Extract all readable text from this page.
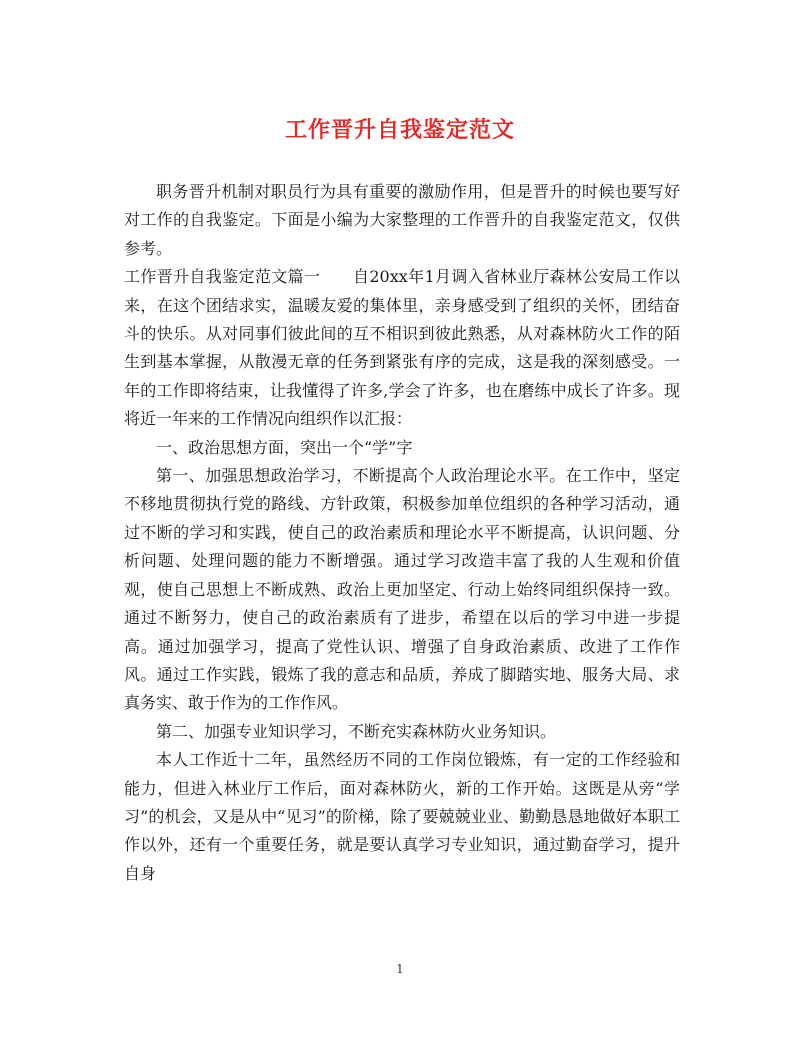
工作晋升自我鉴定范文

职务晋升机制对职员行为具有重要的激励作用，但是晋升的时候也要写好对工作的自我鉴定。下面是小编为大家整理的工作晋升的自我鉴定范文，仅供参考。

工作晋升自我鉴定范文篇一　　自20xx年1月调入省林业厅森林公安局工作以来，在这个团结求实，温暖友爱的集体里，亲身感受到了组织的关怀，团结奋斗的快乐。从对同事们彼此间的互不相识到彼此熟悉，从对森林防火工作的陌生到基本掌握，从散漫无章的任务到紧张有序的完成，这是我的深刻感受。一年的工作即将结束，让我懂得了许多,学会了许多，也在磨练中成长了许多。现将近一年来的工作情况向组织作以汇报：

一、政治思想方面，突出一个“学”字

第一、加强思想政治学习，不断提高个人政治理论水平。在工作中，坚定不移地贯彻执行党的路线、方针政策，积极参加单位组织的各种学习活动，通过不断的学习和实践，使自己的政治素质和理论水平不断提高，认识问题、分析问题、处理问题的能力不断增强。通过学习改造丰富了我的人生观和价值观，使自己思想上不断成熟、政治上更加坚定、行动上始终同组织保持一致。通过不断努力，使自己的政治素质有了进步，希望在以后的学习中进一步提高。通过加强学习，提高了党性认识、增强了自身政治素质、改进了工作作风。通过工作实践，锻炼了我的意志和品质，养成了脚踏实地、服务大局、求真务实、敢于作为的工作作风。

第二、加强专业知识学习，不断充实森林防火业务知识。

本人工作近十二年，虽然经历不同的工作岗位锻炼，有一定的工作经验和能力，但进入林业厅工作后，面对森林防火，新的工作开始。这既是从旁“学习”的机会，又是从中“见习”的阶梯，除了要兢兢业业、勤勤恳恳地做好本职工作以外，还有一个重要任务，就是要认真学习专业知识，通过勤奋学习，提升自身

1
